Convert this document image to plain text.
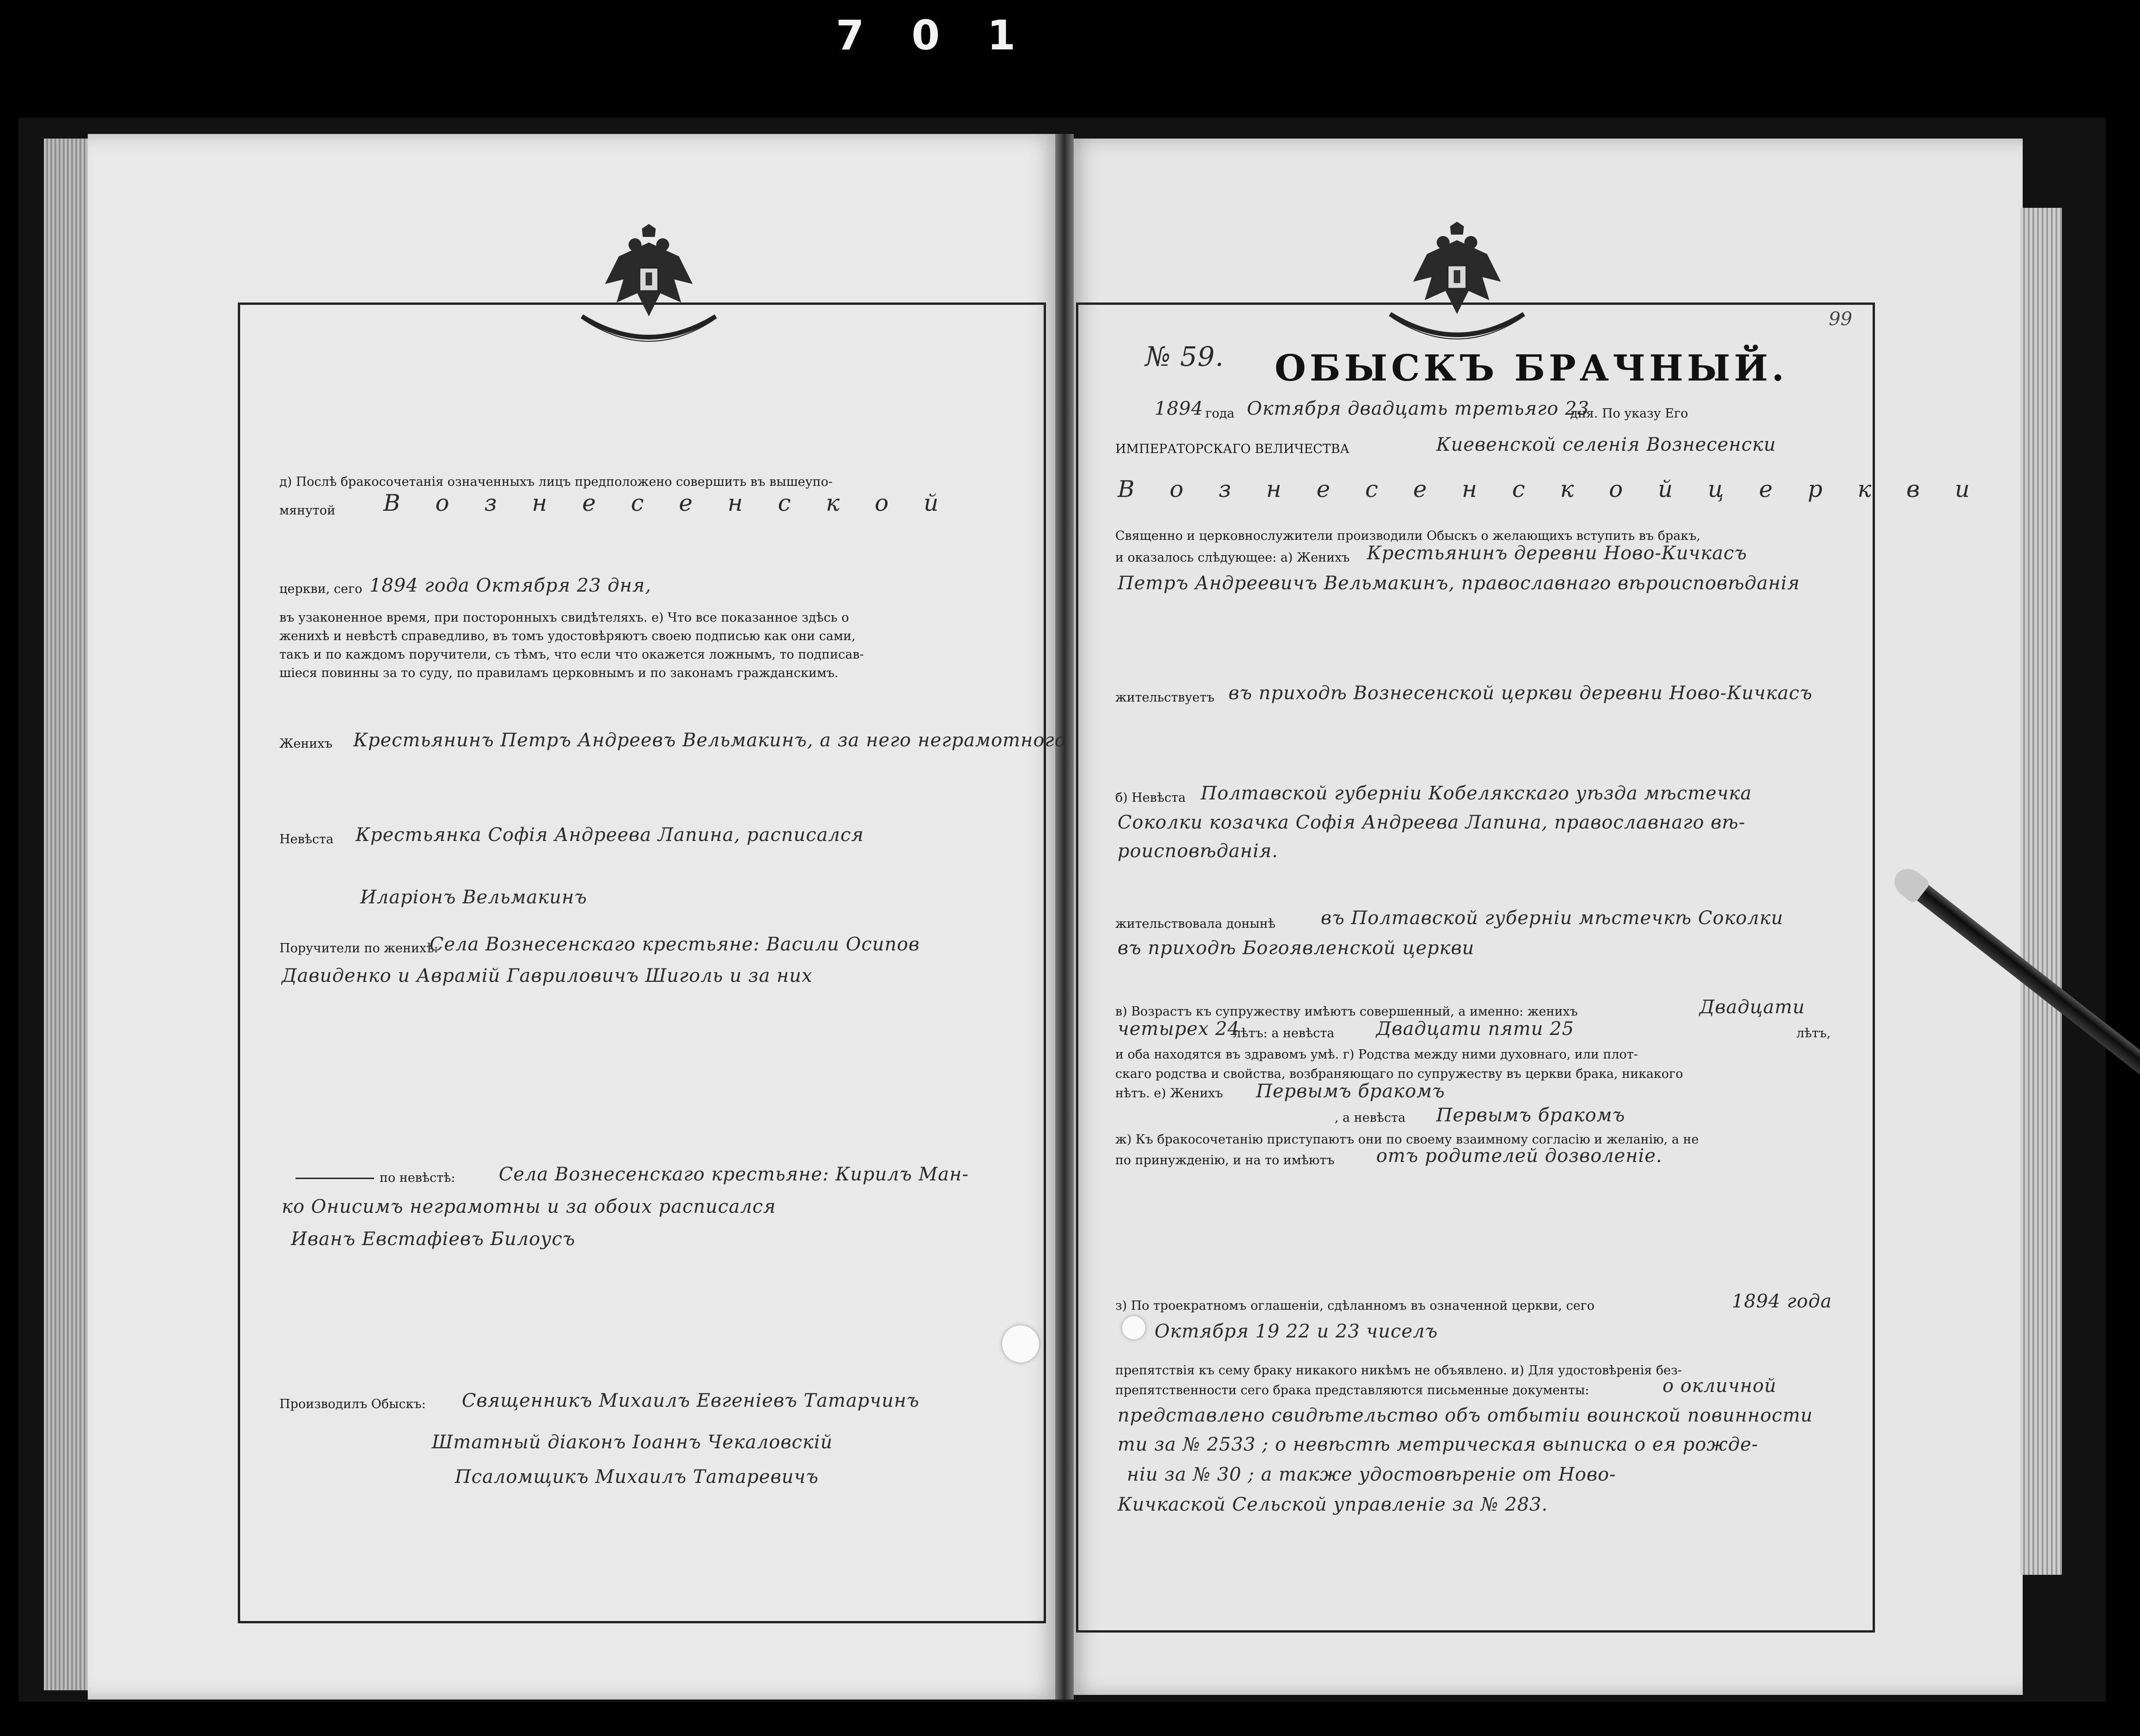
7 0 1
д) Послѣ бракосочетанія означенныхъ лицъ предположено совершить въ вышеупо-
мянутой В о з н е с е н с к о й
церкви, сего 1894 года Октября 23 дня,
въ узаконенное время, при посторонныхъ свидѣтеляхъ. е) Что все показанное здѣсь о
женихѣ и невѣстѣ справедливо, въ томъ удостовѣряютъ своею подписью как они сами,
такъ и по каждомъ поручители, съ тѣмъ, что если что окажется ложнымъ, то подписав-
шіеся повинны за то суду, по правиламъ церковнымъ и по законамъ гражданскимъ.
Женихъ Крестьянинъ Петръ Андреевъ Вельмакинъ, а за него неграмотного
Невѣста Крестьянка Софія Андреева Лапина, расписался
Иларіонъ Вельмакинъ
Поручители по женихѣ:
Села Вознесенскаго крестьяне: Васили Осипов
Давиденко и Аврамій Гавриловичъ Шиголь и за них
по невѣстѣ: Села Вознесенскаго крестьяне: Кирилъ Ман-
ко Онисимъ неграмотны и за обоих расписался
Иванъ Евстафіевъ Билоусъ
Производилъ Обыскъ: Священникъ Михаилъ Евгеніевъ Татарчинъ
Штатный діаконъ Іоаннъ Чекаловскій
Псаломщикъ Михаилъ Татаревичъ
№ 59. ОБЫСКЪ БРАЧНЫЙ.
99
1894 года Октября двадцать третьяго 23
дня. По указу Его
ИМПЕРАТОРСКАГО ВЕЛИЧЕСТВА	Киевенской селенія Вознесенски
В о з н е с е н с к о й ц е р к в и
Священно и церковнослужители производили Обыскъ о желающихъ вступить въ бракъ,
и оказалось слѣдующее: а) Женихъ Крестьянинъ деревни Ново-Кичкасъ
Петръ Андреевичъ Вельмакинъ, православнаго вѣроисповѣданія
жительствуетъ въ приходѣ Вознесенской церкви деревни Ново-Кичкасъ
б) Невѣста Полтавской губерніи Кобелякскаго уѣзда мѣстечка
Соколки козачка Софія Андреева Лапина, православнаго вѣ-
роисповѣданія.
жительствовала донынѣ въ Полтавской губерніи мѣстечкѣ Соколки
въ приходѣ Богоявленской церкви
в) Возрастъ къ супружеству имѣютъ совершенный, а именно: женихъ	Двадцати
четырех 24
лѣтъ: а невѣста Двадцати пяти 25	лѣтъ,
и оба находятся въ здравомъ умѣ. г) Родства между ними духовнаго, или плот-
скаго родства и свойства, возбраняющаго по супружеству въ церкви брака, никакого
нѣтъ. е) Женихъ Первымъ бракомъ
, а невѣста Первымъ бракомъ
ж) Къ бракосочетанію приступаютъ они по своему взаимному согласію и желанію, а не
по принужденію, и на то имѣютъ отъ родителей дозволеніе.
з) По троекратномъ оглашеніи, сдѣланномъ въ означенной церкви, сего	1894 года
Октября 19 22 и 23 чиселъ
препятствія къ сему браку никакого никѣмъ не объявлено. и) Для удостовѣренія без-
препятственности сего брака представляются письменные документы:	о окличной
представлено свидѣтельство объ отбытіи воинской повинности
ти за № 2533 ; о невѣстѣ метрическая выписка о ея рожде-
ніи за № 30 ; а также удостовѣреніе от Ново-
Кичкаской Сельской управленіе за № 283.
